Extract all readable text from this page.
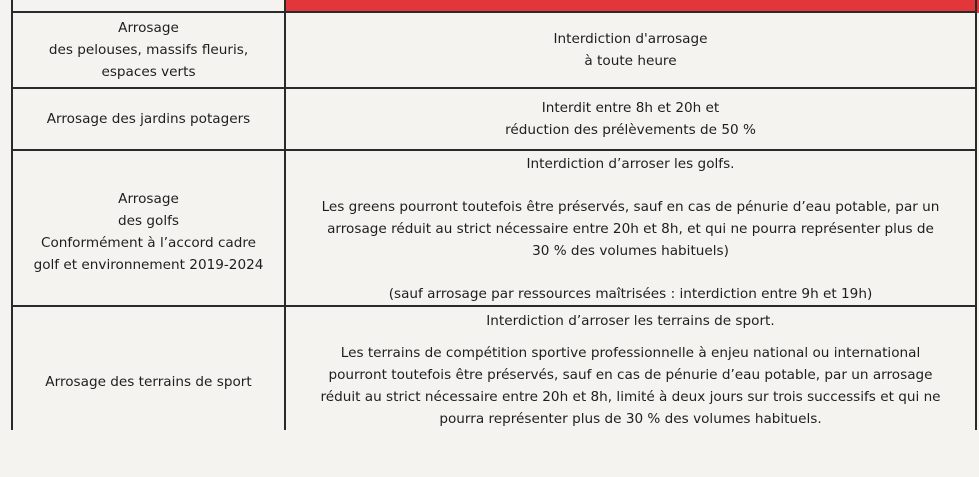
Arrosage
des pelouses, massifs fleuris,
espaces verts
Interdiction d'arrosage
à toute heure
Arrosage des jardins potagers
Interdit entre 8h et 20h et
réduction des prélèvements de 50 %
Arrosage
des golfs
Conformément à l’accord cadre
golf et environnement 2019-2024
Interdiction d’arroser les golfs.
Les greens pourront toutefois être préservés, sauf en cas de pénurie d’eau potable, par un
arrosage réduit au strict nécessaire entre 20h et 8h, et qui ne pourra représenter plus de
30 % des volumes habituels)
(sauf arrosage par ressources maîtrisées : interdiction entre 9h et 19h)
Arrosage des terrains de sport
Interdiction d’arroser les terrains de sport.
Les terrains de compétition sportive professionnelle à enjeu national ou international
pourront toutefois être préservés, sauf en cas de pénurie d’eau potable, par un arrosage
réduit au strict nécessaire entre 20h et 8h, limité à deux jours sur trois successifs et qui ne
pourra représenter plus de 30 % des volumes habituels.
